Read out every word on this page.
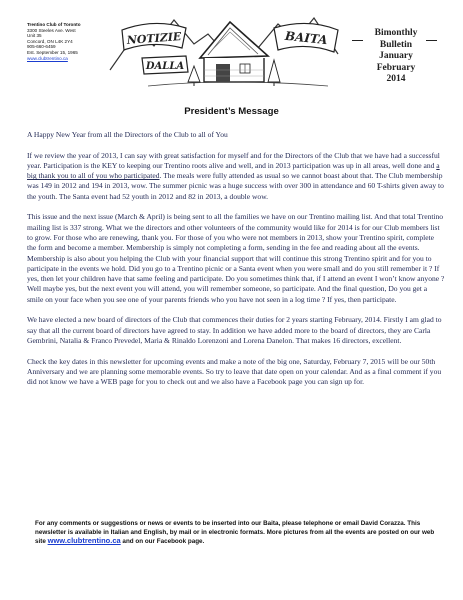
Trentino Club of Toronto
3300 Steeles Ave. West
Unit 35
Concord, ON L4K 2Y4
905-660-6459
Est. September 15, 1965
www.clubtrentino.ca
NOTIZIE
DALLA
BAITA	Bimonthly
Bulletin
January
February
2014
President’s Message

A Happy New Year from all the Directors of the Club to all of You

If we review the year of 2013, I can say with great satisfaction for myself and for the Directors of the Club that we have had a successful year. Participation is the KEY to keeping our Trentino roots alive and well, and in 2013 participation was up in all areas, well done and a big thank you to all of you who participated. The meals were fully attended as usual so we cannot boast about that. The Club membership was 149 in 2012 and 194 in 2013, wow. The summer picnic was a huge success with over 300 in attendance and 60 T-shirts given away to the youth. The Santa event had 52 youth in 2012 and 82 in 2013, a double wow.

This issue and the next issue (March & April) is being sent to all the families we have on our Trentino mailing list. And that total Trentino mailing list is 337 strong. What we the directors and other volunteers of the community would like for 2014 is for our Club members list to grow. For those who are renewing, thank you. For those of you who were not members in 2013, show your Trentino spirit, complete the form and become a member. Membership is simply not completing a form, sending in the fee and reading about all the events. Membership is also about you helping the Club with your financial support that will continue this strong Trentino spirit and for you to participate in the events we hold. Did you go to a Trentino picnic or a Santa event when you were small and do you still remember it ? If yes, then let your children have that same feeling and participate. Do you sometimes think that, if I attend an event I won’t know anyone ? Well maybe yes, but the next event you will attend, you will remember someone, so participate. And the final question, Do you get a smile on your face when you see one of your parents friends who you have not seen in a log time ? If yes, then participate.

We have elected a new board of directors of the Club that commences their duties for 2 years starting February, 2014. Firstly I am glad to say that all the current board of directors have agreed to stay. In addition we have added more to the board of directors, they are Carla Gembrini, Natalia & Franco Prevedel, Maria & Rinaldo Lorenzoni and Lorena Danelon. That makes 16 directors, excellent.

Check the key dates in this newsletter for upcoming events and make a note of the big one, Saturday, February 7, 2015 will be our 50th Anniversary and we are planning some memorable events. So try to leave that date open on your calendar. And as a final comment if you did not know we have a WEB page for you to check out and we also have a Facebook page you can sign up for.

For any comments or suggestions or news or events to be inserted into our Baita, please telephone or email David Corazza. This newsletter is available in Italian and English, by mail or in electronic formats. More pictures from all the events are posted on our web site www.clubtrentino.ca and on our Facebook page.
